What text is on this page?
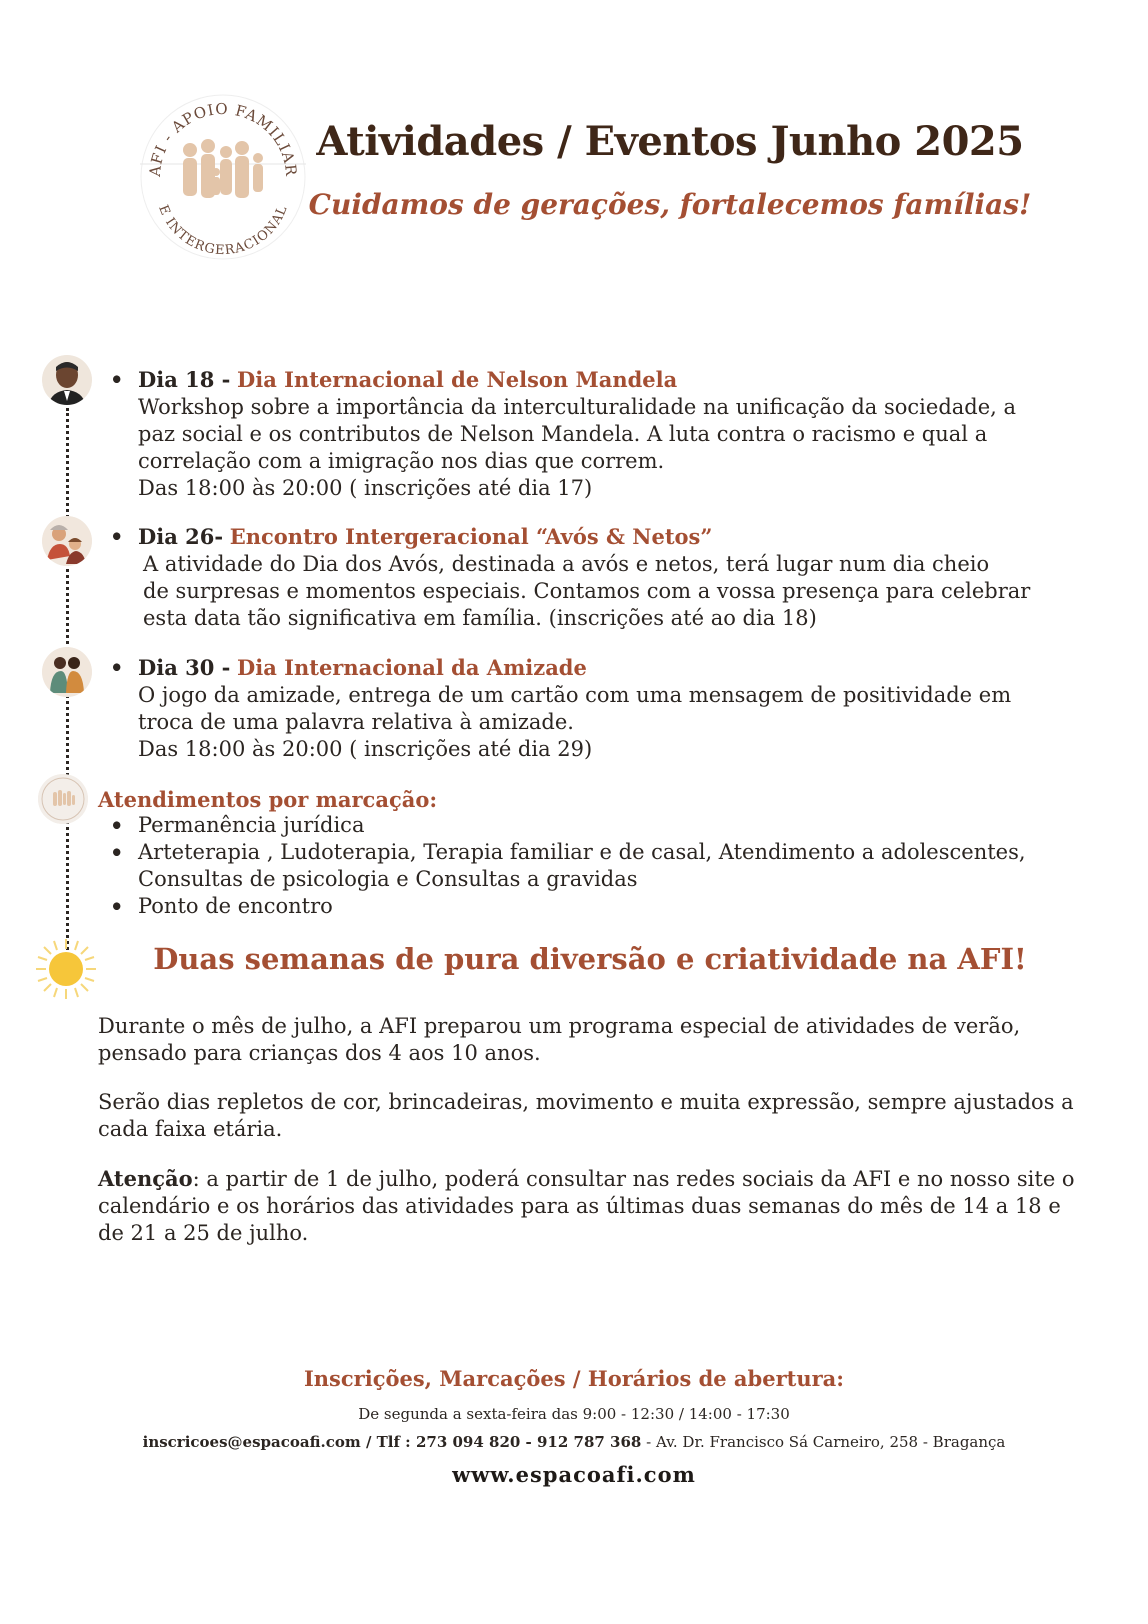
AFI - APOIO FAMILIAR
E INTERGERACIONAL
Atividades / Eventos Junho 2025
Cuidamos de gerações, fortalecemos famílias!
• Dia 18 - Dia Internacional de Nelson Mandela

Workshop sobre a importância da interculturalidade na unificação da sociedade, a

paz social e os contributos de Nelson Mandela. A luta contra o racismo e qual a

correlação com a imigração nos dias que correm.

Das 18:00 às 20:00 ( inscrições até dia 17)

• Dia 26- Encontro Intergeracional “Avós & Netos”

A atividade do Dia dos Avós, destinada a avós e netos, terá lugar num dia cheio

de surpresas e momentos especiais. Contamos com a vossa presença para celebrar

esta data tão significativa em família. (inscrições até ao dia 18)

• Dia 30 - Dia Internacional da Amizade

O jogo da amizade, entrega de um cartão com uma mensagem de positividade em

troca de uma palavra relativa à amizade.

Das 18:00 às 20:00 ( inscrições até dia 29)

Atendimentos por marcação:
• Permanência jurídica
• Arteterapia , Ludoterapia, Terapia familiar e de casal, Atendimento a adolescentes,
Consultas de psicologia e Consultas a gravidas
• Ponto de encontro
Duas semanas de pura diversão e criatividade na AFI!

Durante o mês de julho, a AFI preparou um programa especial de atividades de verão, pensado para crianças dos 4 aos 10 anos.

Serão dias repletos de cor, brincadeiras, movimento e muita expressão, sempre ajustados a cada faixa etária.

Atenção: a partir de 1 de julho, poderá consultar nas redes sociais da AFI e no nosso site o calendário e os horários das atividades para as últimas duas semanas do mês de 14 a 18 e de 21 a 25 de julho.

Inscrições, Marcações / Horários de abertura:
De segunda a sexta-feira das 9:00 - 12:30 / 14:00 - 17:30
inscricoes@espacoafi.com / Tlf : 273 094 820 - 912 787 368 - Av. Dr. Francisco Sá Carneiro, 258 - Bragança
www.espacoafi.com
